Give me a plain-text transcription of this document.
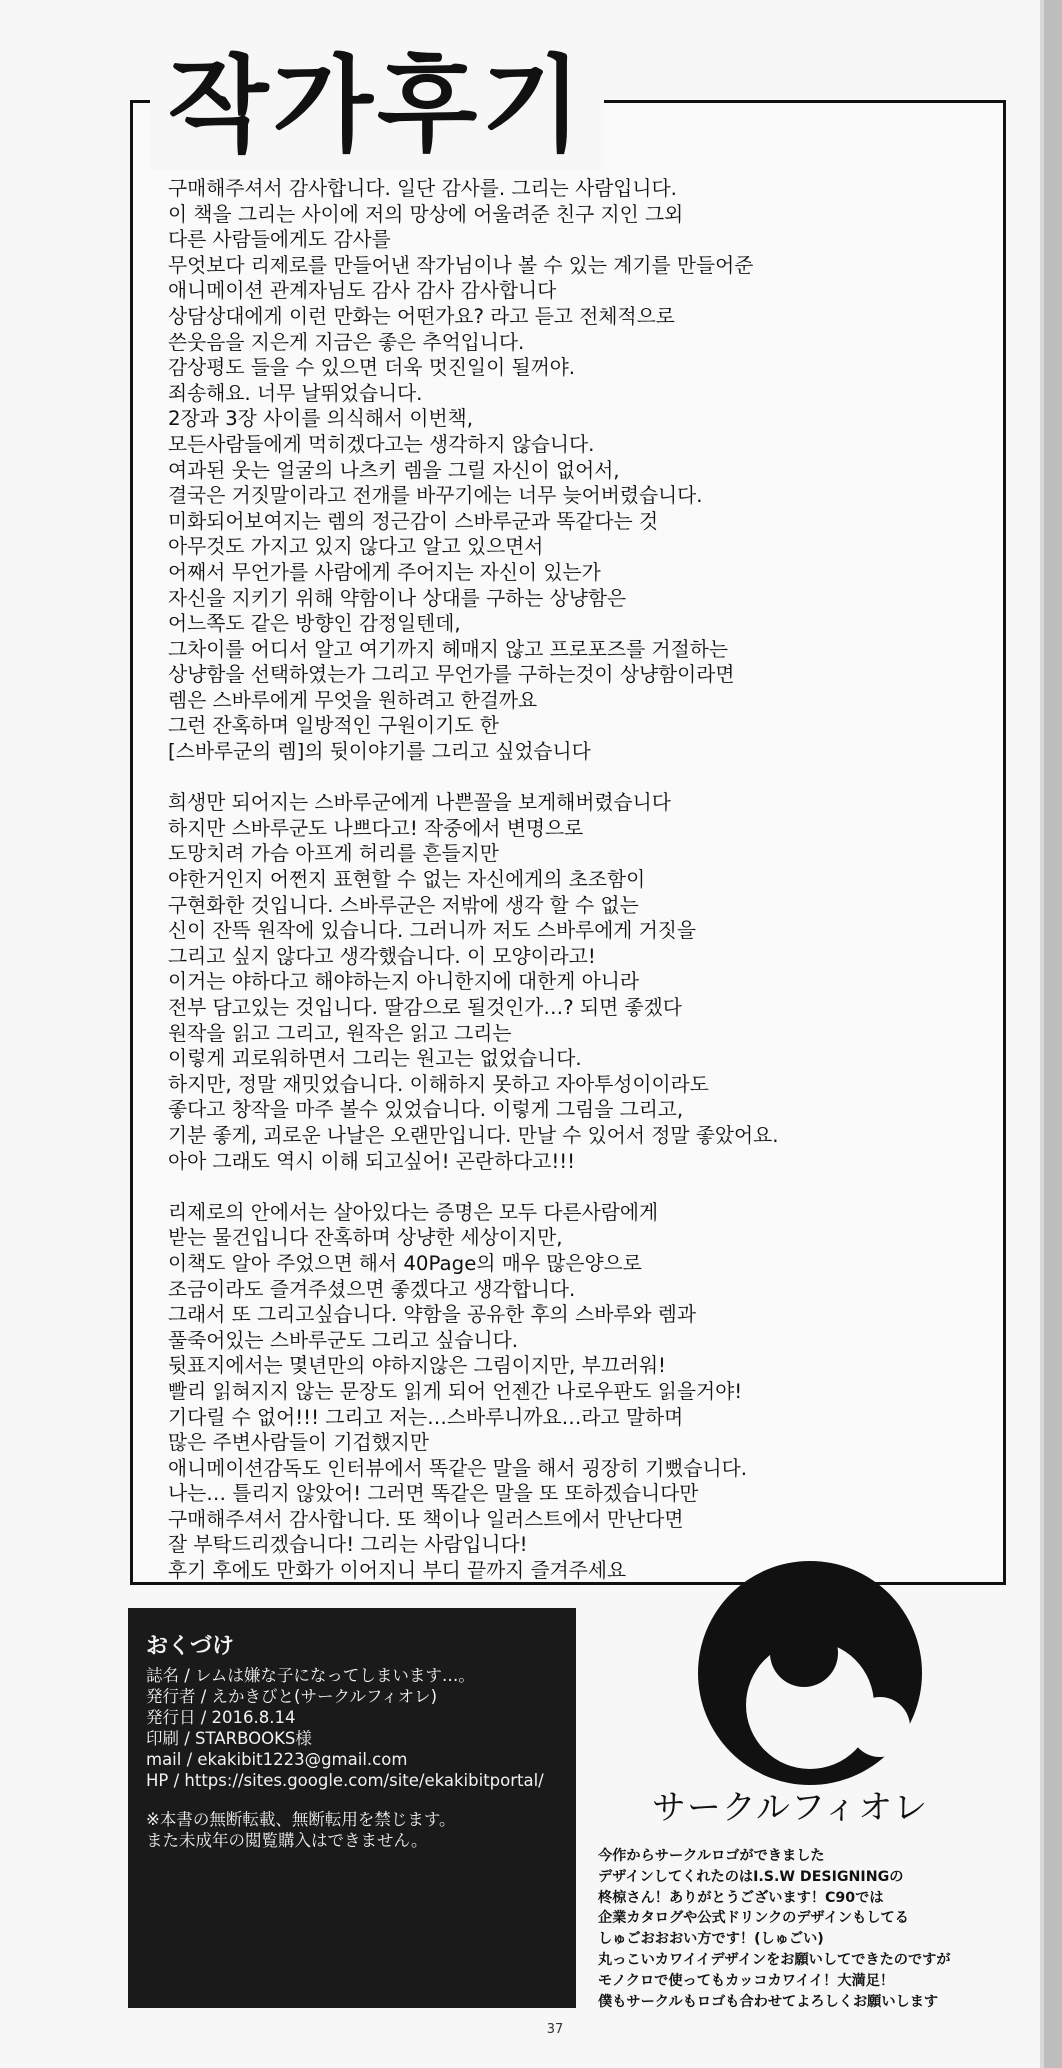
작가후기
구매해주셔서 감사합니다. 일단 감사를. 그리는 사람입니다.
이 책을 그리는 사이에 저의 망상에 어울려준 친구 지인 그외
다른 사람들에게도 감사를
무엇보다 리제로를 만들어낸 작가님이나 볼 수 있는 계기를 만들어준
애니메이션 관계자님도 감사 감사 감사합니다
상담상대에게 이런 만화는 어떤가요? 라고 듣고 전체적으로
쓴웃음을 지은게 지금은 좋은 추억입니다.
감상평도 들을 수 있으면 더욱 멋진일이 될꺼야.
죄송해요. 너무 날뛰었습니다.
2장과 3장 사이를 의식해서 이번책,
모든사람들에게 먹히겠다고는 생각하지 않습니다.
여과된 웃는 얼굴의 나츠키 렘을 그릴 자신이 없어서,
결국은 거짓말이라고 전개를 바꾸기에는 너무 늦어버렸습니다.
미화되어보여지는 렘의 정근감이 스바루군과 똑같다는 것
아무것도 가지고 있지 않다고 알고 있으면서
어째서 무언가를 사람에게 주어지는 자신이 있는가
자신을 지키기 위해 약함이나 상대를 구하는 상냥함은
어느쪽도 같은 방향인 감정일텐데,
그차이를 어디서 알고 여기까지 헤매지 않고 프로포즈를 거절하는
상냥함을 선택하였는가 그리고 무언가를 구하는것이 상냥함이라면
렘은 스바루에게 무엇을 원하려고 한걸까요
그런 잔혹하며 일방적인 구원이기도 한
[스바루군의 렘]의 뒷이야기를 그리고 싶었습니다
희생만 되어지는 스바루군에게 나쁜꼴을 보게해버렸습니다
하지만 스바루군도 나쁘다고! 작중에서 변명으로
도망치려 가슴 아프게 허리를 흔들지만
야한거인지 어쩐지 표현할 수 없는 자신에게의 초조함이
구현화한 것입니다. 스바루군은 저밖에 생각 할 수 없는
신이 잔뜩 원작에 있습니다. 그러니까 저도 스바루에게 거짓을
그리고 싶지 않다고 생각했습니다. 이 모양이라고!
이거는 야하다고 해야하는지 아니한지에 대한게 아니라
전부 담고있는 것입니다. 딸감으로 될것인가…? 되면 좋겠다
원작을 읽고 그리고, 원작은 읽고 그리는
이렇게 괴로워하면서 그리는 원고는 없었습니다.
하지만, 정말 재밋었습니다. 이해하지 못하고 자아투성이이라도
좋다고 창작을 마주 볼수 있었습니다. 이렇게 그림을 그리고,
기분 좋게, 괴로운 나날은 오랜만입니다. 만날 수 있어서 정말 좋았어요.
아아 그래도 역시 이해 되고싶어! 곤란하다고!!!
리제로의 안에서는 살아있다는 증명은 모두 다른사람에게
받는 물건입니다 잔혹하며 상냥한 세상이지만,
이책도 알아 주었으면 해서 40Page의 매우 많은양으로
조금이라도 즐겨주셨으면 좋겠다고 생각합니다.
그래서 또 그리고싶습니다. 약함을 공유한 후의 스바루와 렘과
풀죽어있는 스바루군도 그리고 싶습니다.
뒷표지에서는 몇년만의 야하지않은 그림이지만, 부끄러워!
빨리 읽혀지지 않는 문장도 읽게 되어 언젠간 나로우판도 읽을거야!
기다릴 수 없어!!! 그리고 저는…스바루니까요…라고 말하며
많은 주변사람들이 기겁했지만
애니메이션감독도 인터뷰에서 똑같은 말을 해서 굉장히 기뻤습니다.
나는… 틀리지 않았어! 그러면 똑같은 말을 또 또하겠습니다만
구매해주셔서 감사합니다. 또 책이나 일러스트에서 만난다면
잘 부탁드리겠습니다! 그리는 사람입니다!
후기 후에도 만화가 이어지니 부디 끝까지 즐겨주세요
おくづけ
誌名 / レムは嫌な子になってしまいます…。
発行者 / えかきびと(サークルフィオレ)
発行日 / 2016.8.14
印刷 / STARBOOKS様
mail / ekakibit1223@gmail.com
HP / https://sites.google.com/site/ekakibitportal/
※本書の無断転載、無断転用を禁じます。
また未成年の閲覧購入はできません。
サークルフィオレ
今作からサークルロゴができました
デザインしてくれたのはI.S.W DESIGNINGの
柊椋さん！ありがとうございます！C90では
企業カタログや公式ドリンクのデザインもしてる
しゅごおおおい方です！(しゅごい)
丸っこいカワイイデザインをお願いしてできたのですが
モノクロで使ってもカッコカワイイ！大満足！
僕もサークルもロゴも合わせてよろしくお願いします
37
